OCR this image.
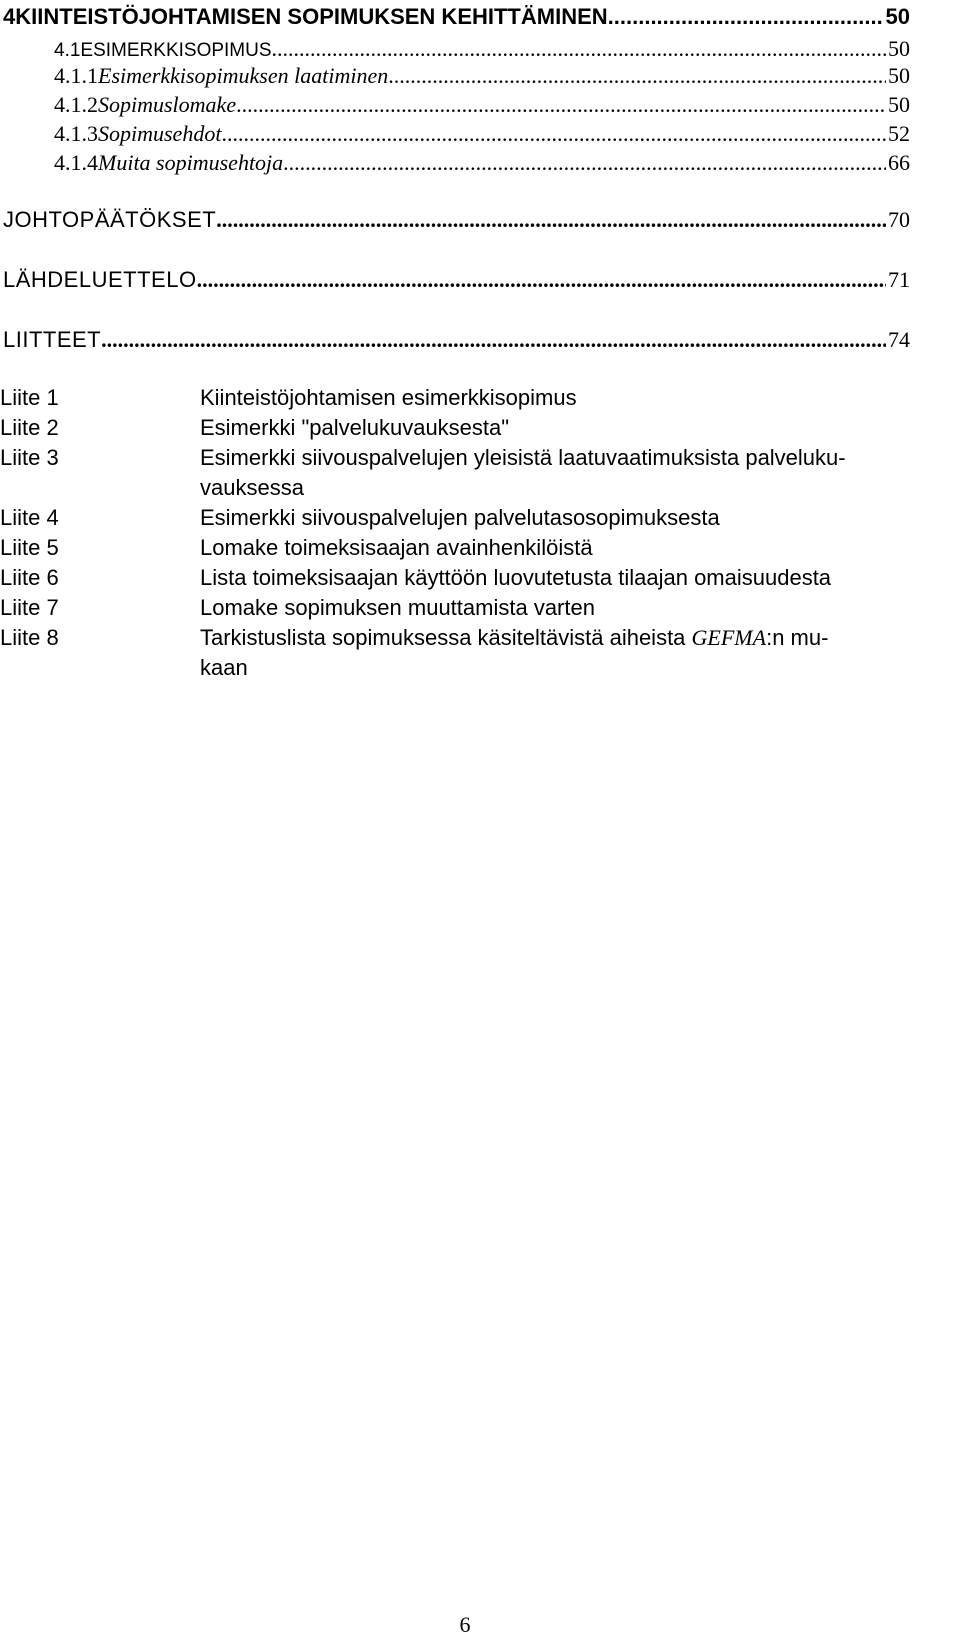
4 KIINTEISTÖJOHTAMISEN SOPIMUKSEN KEHITTÄMINEN .....	50
4.1 ESIMERKKISOPIMUS .....	50
4.1.1 Esimerkkisopimuksen laatiminen .....	50
4.1.2 Sopimuslomake .....	50
4.1.3 Sopimusehdot .....	52
4.1.4 Muita sopimusehtoja .....	66
JOHTOPÄÄTÖKSET .....	70
LÄHDELUETTELO .....	71
LIITTEET .....	74
Liite 1	Kiinteistöjohtamisen esimerkkisopimus
Liite 2	Esimerkki "palvelukuvauksesta"
Liite 3	Esimerkki siivouspalvelujen yleisistä laatuvaatimuksista palveluku-
vauksessa
Liite 4	Esimerkki siivouspalvelujen palvelutasosopimuksesta
Liite 5	Lomake toimeksisaajan avainhenkilöistä
Liite 6	Lista toimeksisaajan käyttöön luovutetusta tilaajan omaisuudesta
Liite 7	Lomake sopimuksen muuttamista varten
Liite 8	Tarkistuslista sopimuksessa käsiteltävistä aiheista GEFMA:n mu-
kaan
6
